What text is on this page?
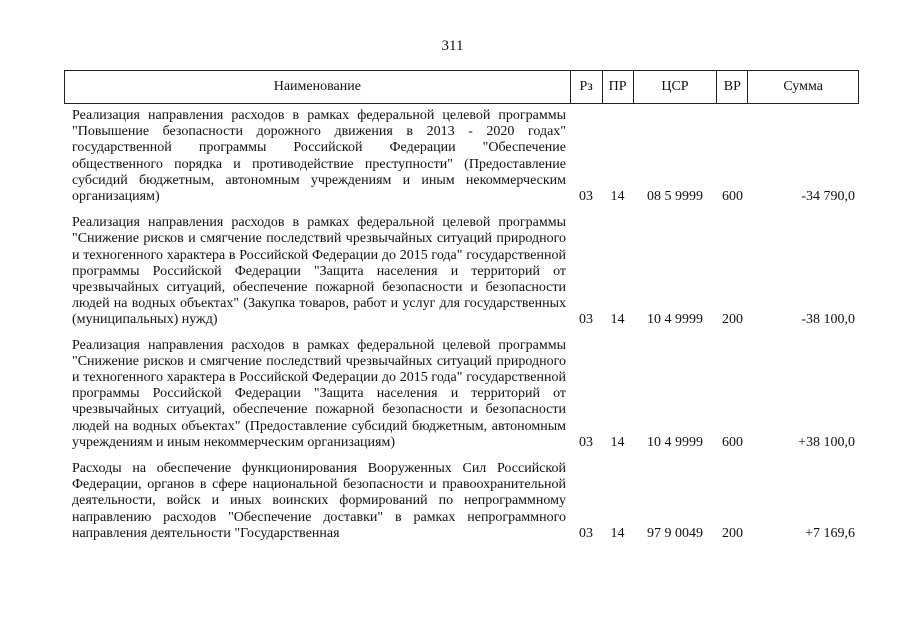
311
Наименование	Рз	ПР	ЦСР	ВР	Сумма
Реализация направления расходов в рамках федеральной целевой программы "Повышение безопасности дорожного движения в 2013 - 2020 годах" государственной программы Российской Федерации "Обеспечение общественного порядка и противодействие преступности" (Предоставление субсидий бюджетным, автономным учреждениям и иным некоммерческим организациям)	03	14	08 5 9999	600	-34 790,0
Реализация направления расходов в рамках федеральной целевой программы "Снижение рисков и смягчение последствий чрезвычайных ситуаций природного и техногенного характера в Российской Федерации до 2015 года" государственной программы Российской Федерации "Защита населения и территорий от чрезвычайных ситуаций, обеспечение пожарной безопасности и безопасности людей на водных объектах" (Закупка товаров, работ и услуг для государственных (муниципальных) нужд)	03	14	10 4 9999	200	-38 100,0
Реализация направления расходов в рамках федеральной целевой программы "Снижение рисков и смягчение последствий чрезвычайных ситуаций природного и техногенного характера в Российской Федерации до 2015 года" государственной программы Российской Федерации "Защита населения и территорий от чрезвычайных ситуаций, обеспечение пожарной безопасности и безопасности людей на водных объектах" (Предоставление субсидий бюджетным, автономным учреждениям и иным некоммерческим организациям)	03	14	10 4 9999	600	+38 100,0
Расходы на обеспечение функционирования Вооруженных Сил Российской Федерации, органов в сфере национальной безопасности и правоохранительной деятельности, войск и иных воинских формирований по непрограммному направлению расходов "Обеспечение доставки" в рамках непрограммного направления деятельности "Государственная	03	14	97 9 0049	200	+7 169,6
